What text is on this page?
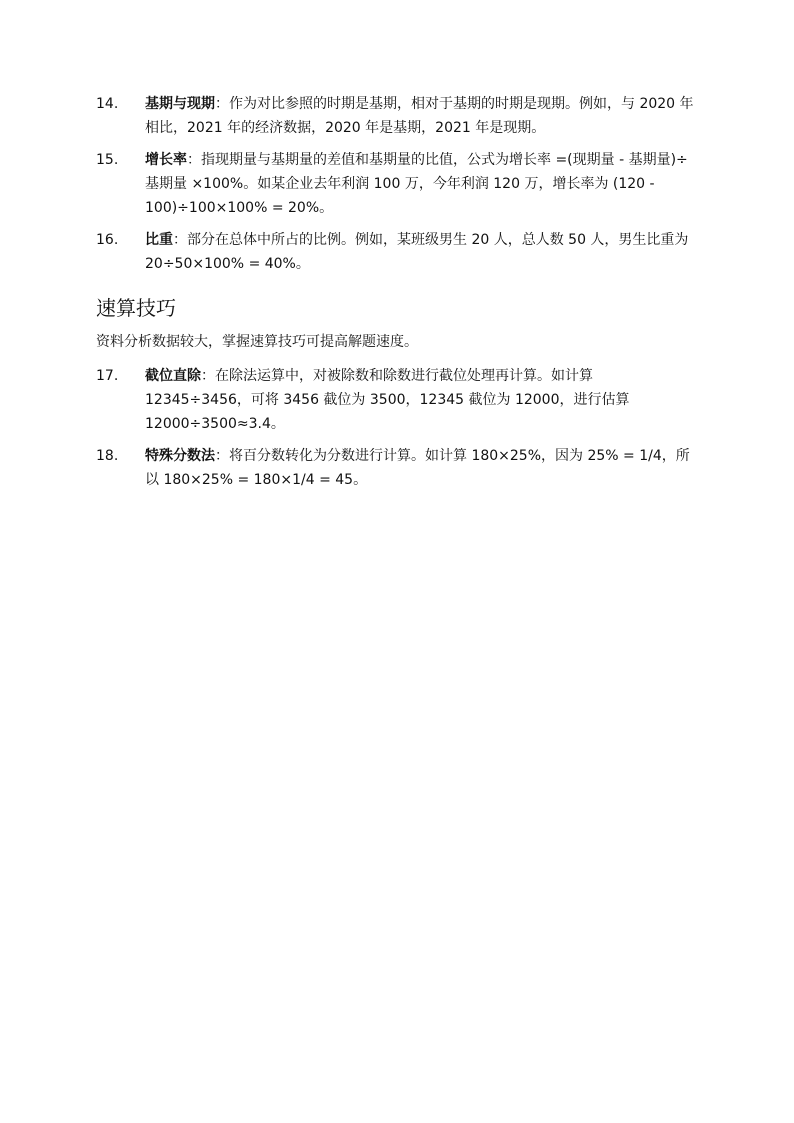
14.	基期与现期：作为对比参照的时期是基期，相对于基期的时期是现期。例如，与 2020 年相比，2021 年的经济数据，2020 年是基期，2021 年是现期。
15.	增长率：指现期量与基期量的差值和基期量的比值，公式为增长率 =(现期量 - 基期量)÷ 基期量 ×100%。如某企业去年利润 100 万，今年利润 120 万，增长率为 (120 - 100)÷100×100% = 20%。
16.	比重：部分在总体中所占的比例。例如，某班级男生 20 人，总人数 50 人，男生比重为 20÷50×100% = 40%。
速算技巧
资料分析数据较大，掌握速算技巧可提高解题速度。
17.	截位直除：在除法运算中，对被除数和除数进行截位处理再计算。如计算 12345÷3456，可将 3456 截位为 3500，12345 截位为 12000，进行估算 12000÷3500≈3.4。
18.	特殊分数法：将百分数转化为分数进行计算。如计算 180×25%，因为 25% = 1/4，所以 180×25% = 180×1/4 = 45。
